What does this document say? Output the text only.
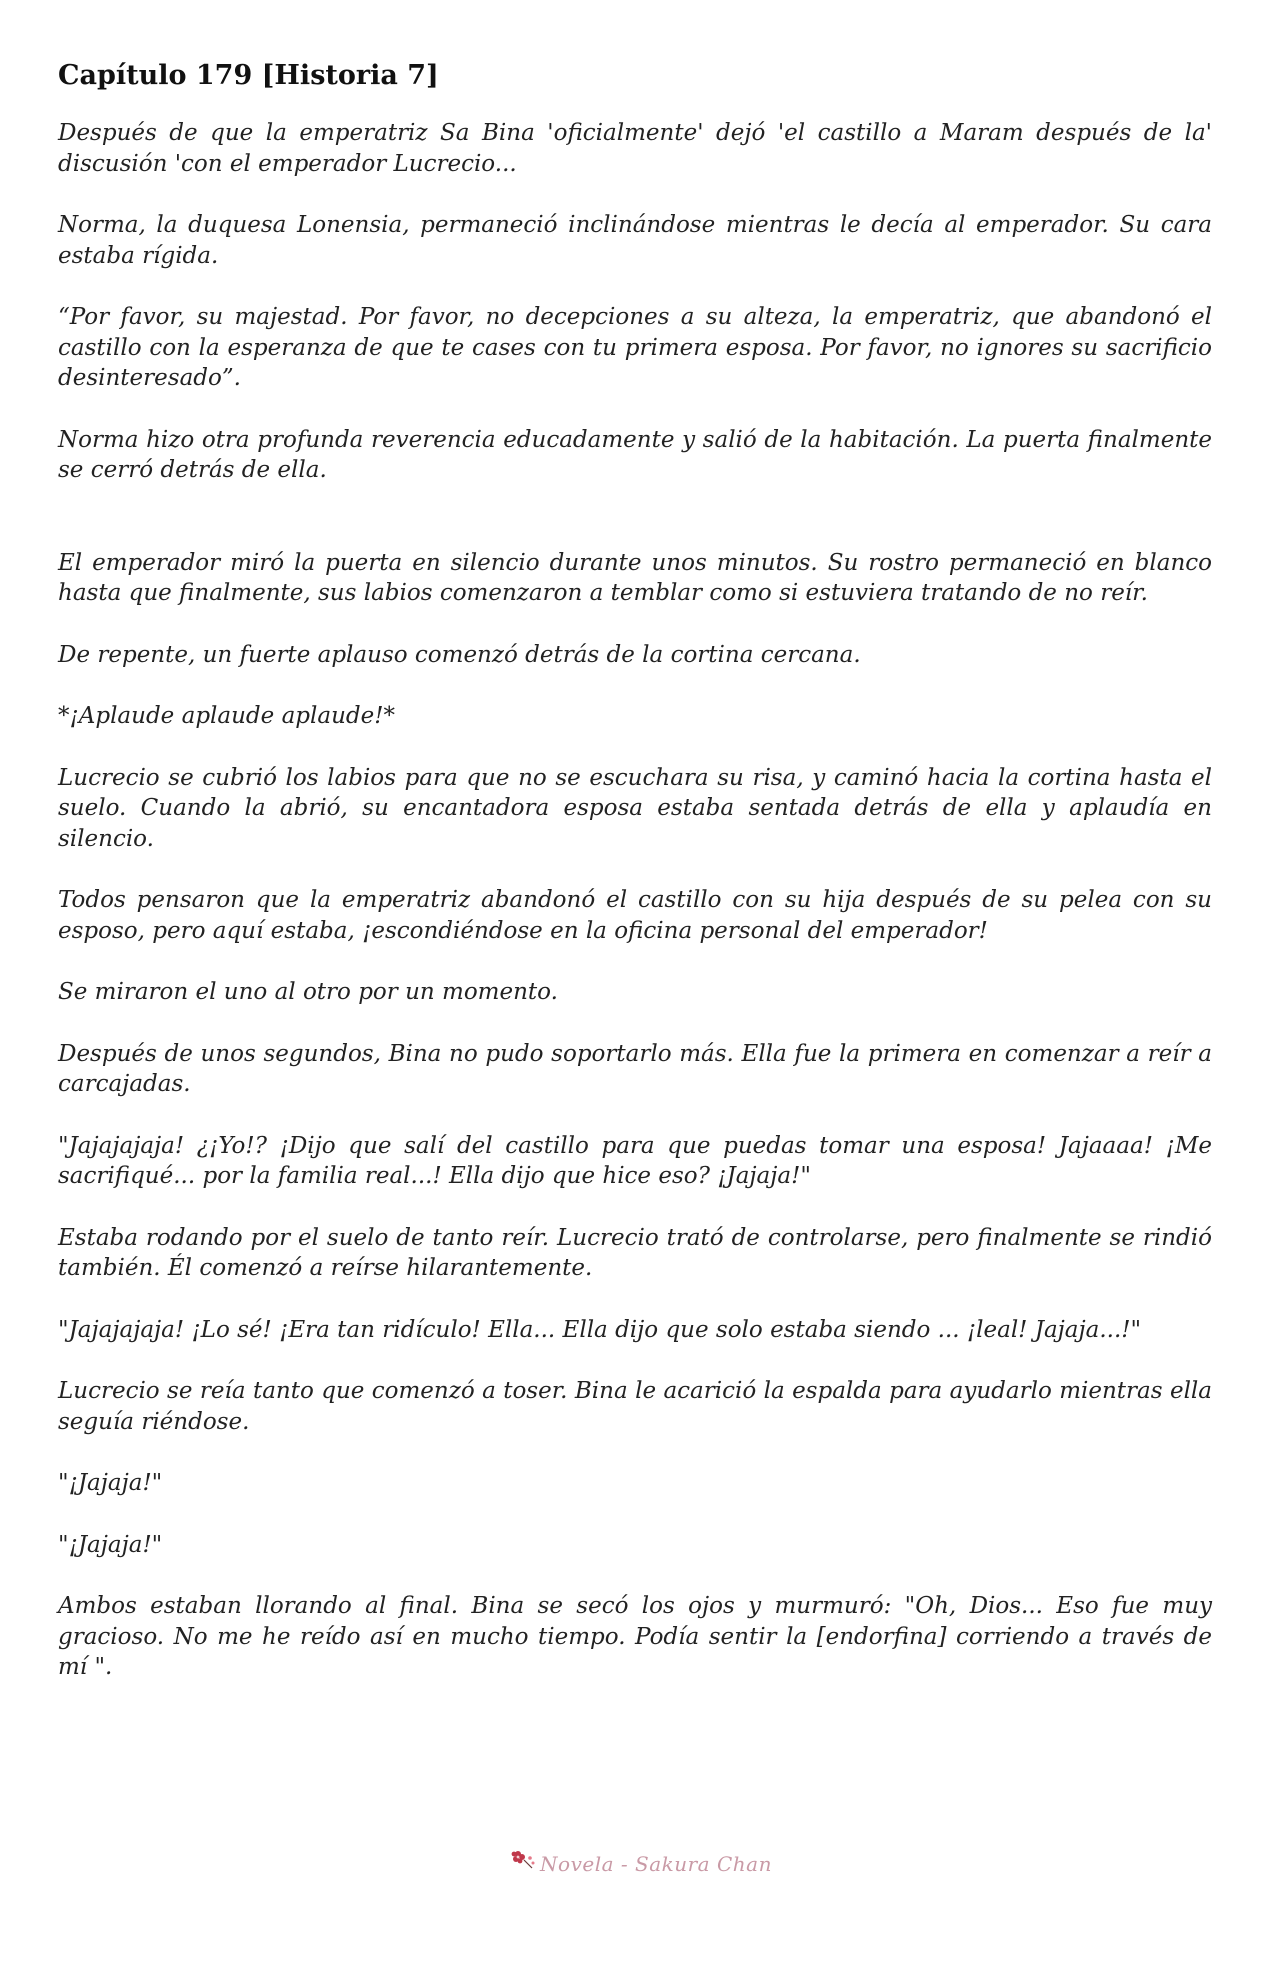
Capítulo 179 [Historia 7]

Después de que la emperatriz Sa Bina 'oficialmente' dejó 'el castillo a Maram después de la' discusión 'con el emperador Lucrecio...

Norma, la duquesa Lonensia, permaneció inclinándose mientras le decía al emperador. Su cara estaba rígida.

“Por favor, su majestad. Por favor, no decepciones a su alteza, la emperatriz, que abandonó el castillo con la esperanza de que te cases con tu primera esposa. Por favor, no ignores su sacrificio desinteresado”.

Norma hizo otra profunda reverencia educadamente y salió de la habitación. La puerta finalmente se cerró detrás de ella.

El emperador miró la puerta en silencio durante unos minutos. Su rostro permaneció en blanco hasta que finalmente, sus labios comenzaron a temblar como si estuviera tratando de no reír.

De repente, un fuerte aplauso comenzó detrás de la cortina cercana.

*¡Aplaude aplaude aplaude!*

Lucrecio se cubrió los labios para que no se escuchara su risa, y caminó hacia la cortina hasta el suelo. Cuando la abrió, su encantadora esposa estaba sentada detrás de ella y aplaudía en silencio.

Todos pensaron que la emperatriz abandonó el castillo con su hija después de su pelea con su esposo, pero aquí estaba, ¡escondiéndose en la oficina personal del emperador!

Se miraron el uno al otro por un momento.

Después de unos segundos, Bina no pudo soportarlo más. Ella fue la primera en comenzar a reír a carcajadas.

"Jajajajaja! ¿¡Yo!? ¡Dijo que salí del castillo para que puedas tomar una esposa! Jajaaaa! ¡Me sacrifiqué... por la familia real...! Ella dijo que hice eso? ¡Jajaja!"

Estaba rodando por el suelo de tanto reír. Lucrecio trató de controlarse, pero finalmente se rindió también. Él comenzó a reírse hilarantemente.

"Jajajajaja! ¡Lo sé! ¡Era tan ridículo! Ella... Ella dijo que solo estaba siendo ... ¡leal! Jajaja...!"

Lucrecio se reía tanto que comenzó a toser. Bina le acarició la espalda para ayudarlo mientras ella seguía riéndose.

"¡Jajaja!"

"¡Jajaja!"

Ambos estaban llorando al final. Bina se secó los ojos y murmuró: "Oh, Dios... Eso fue muy gracioso. No me he reído así en mucho tiempo. Podía sentir la [endorfina] corriendo a través de mí ".

Novela - Sakura Chan
